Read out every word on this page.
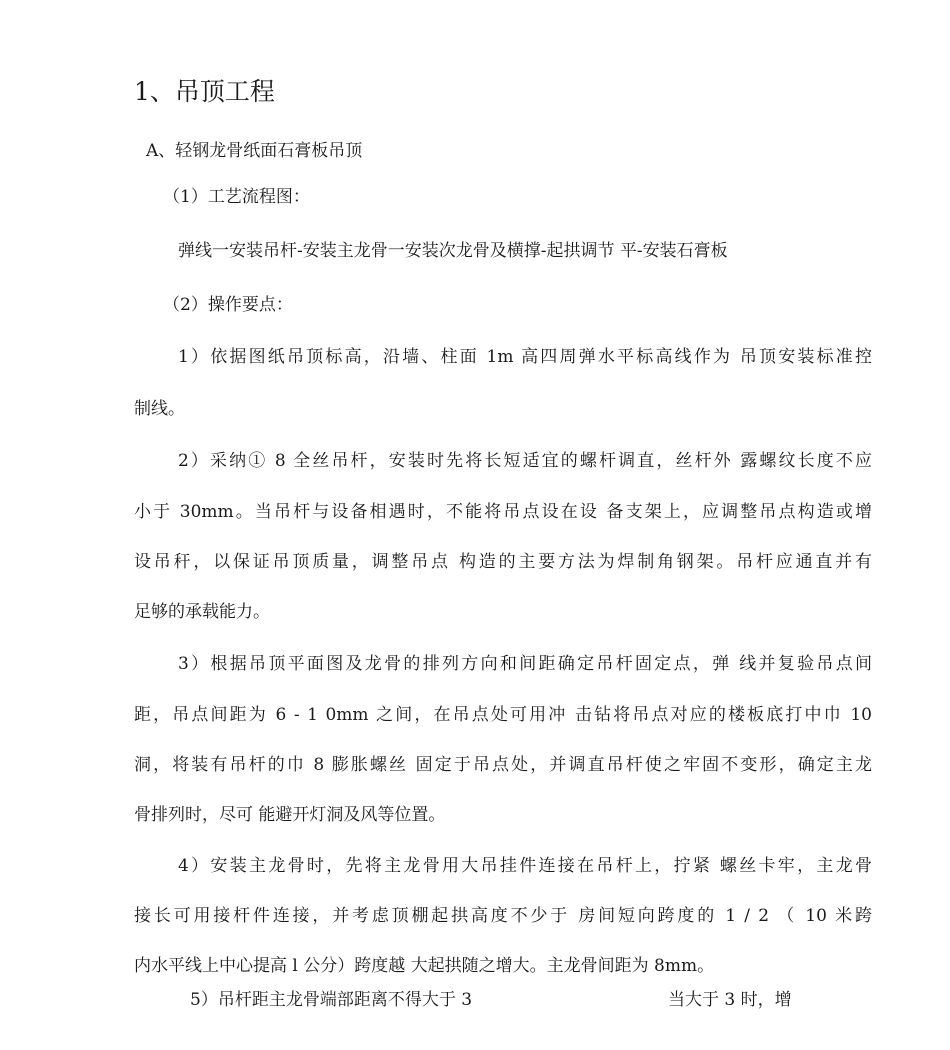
1、吊顶工程
A、轻钢龙骨纸面石膏板吊顶
（1）工艺流程图：
弹线一安装吊杆-安装主龙骨一安装次龙骨及横撑-起拱调节 平-安装石膏板
（2）操作要点：
1）依据图纸吊顶标高，沿墙、柱面 1m 高四周弹水平标高线作为 吊顶安装标准控
制线。
2）采纳① 8 全丝吊杆，安装时先将长短适宜的螺杆调直，丝杆外 露螺纹长度不应
小于 30mm。当吊杆与设备相遇时，不能将吊点设在设 备支架上，应调整吊点构造或增
设吊秆，以保证吊顶质量，调整吊点 构造的主要方法为焊制角钢架。吊杆应通直并有
足够的承载能力。
3）根据吊顶平面图及龙骨的排列方向和间距确定吊杆固定点，弹 线并复验吊点间
距，吊点间距为 6 - 1 0mm 之间，在吊点处可用冲 击钻将吊点对应的楼板底打中巾 10
洞，将装有吊杆的巾 8 膨胀螺丝 固定于吊点处，并调直吊杆使之牢固不变形，确定主龙
骨排列时，尽可 能避开灯洞及风等位置。
4）安装主龙骨时，先将主龙骨用大吊挂件连接在吊杆上，拧紧 螺丝卡牢，主龙骨
接长可用接杆件连接，并考虑顶棚起拱高度不少于 房间短向跨度的 1 / 2 （ 10 米跨
内水平线上中心提高 l 公分）跨度越 大起拱随之增大。主龙骨间距为 8mm。
5）吊杆距主龙骨端部距离不得大于 3	当大于 3 时，增
